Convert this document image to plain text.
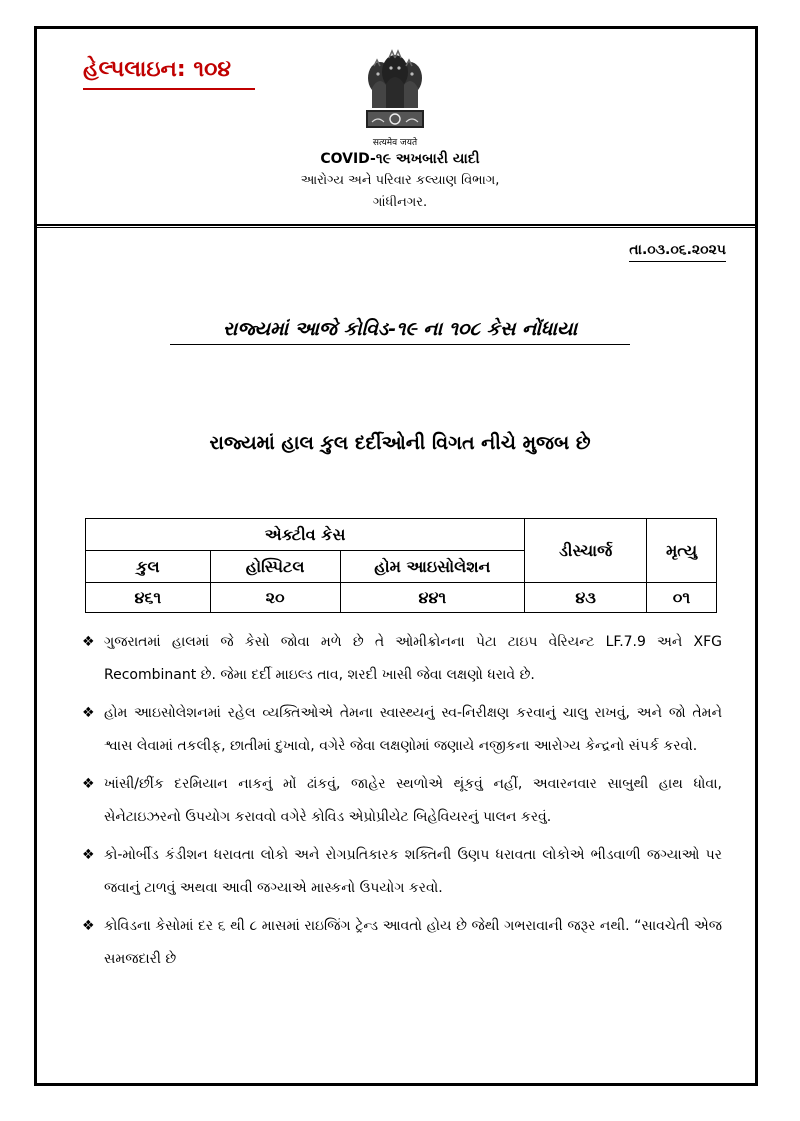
હેલ્પલાઇન: ૧૦૪
सत्यमेव जयते
COVID-૧૯ અખબારી યાદી
આરોગ્ય અને પરિવાર કલ્યાણ વિભાગ,
ગાંધીનગર.
તા.૦૩.૦૬.૨૦૨૫
રાજ્યમાં આજે કોવિડ-૧૯ ના ૧૦૮ કેસ નોંધાયા
રાજ્યમાં હાલ કુલ દર્દીઓની વિગત નીચે મુજબ છે
એક્ટીવ કેસ			ડીસ્ચાર્જ	મૃત્યુ
કુલ	હોસ્પિટલ	હોમ આઇસોલેશન		
૪૬૧	૨૦	૪૪૧	૪૩	૦૧
❖ ગુજરાતમાં હાલમાં જે કેસો જોવા મળે છે તે ઓમીક્રોનના પેટા ટાઇપ વેરિયન્ટ LF.7.9 અને XFG Recombinant છે. જેમા દર્દી માઇલ્ડ તાવ, શરદી ખાસી જેવા લક્ષણો ધરાવે છે.
❖ હોમ આઇસોલેશનમાં રહેલ વ્યક્તિઓએ તેમના સ્વાસ્થ્યનું સ્વ-નિરીક્ષણ કરવાનું ચાલુ રાખવું, અને જો તેમને શ્વાસ લેવામાં તકલીફ, છાતીમાં દુખાવો, વગેરે જેવા લક્ષણોમાં જણાયે નજીકના આરોગ્ય કેન્દ્રનો સંપર્ક કરવો.
❖ ખાંસી/છીંક દરમિયાન નાકનું મોં ઢાંકવું, જાહેર સ્થળોએ થૂંકવું નહીં, અવારનવાર સાબુથી હાથ ધોવા, સેનેટાઇઝરનો ઉપયોગ કરાવવો વગેરે કોવિડ એપ્રોપ્રીયેટ બિહેવિયરનું પાલન કરવું.
❖ કો-મોર્બીડ કંડીશન ધરાવતા લોકો અને રોગપ્રતિકારક શક્તિની ઉણપ ધરાવતા લોકોએ ભીડવાળી જગ્યાઓ પર જવાનું ટાળવું અથવા આવી જગ્યાએ માસ્કનો ઉપયોગ કરવો.
❖ કોવિડના કેસોમાં દર ૬ થી ૮ માસમાં રાઇજિંગ ટ્રેન્ડ આવતો હોય છે જેથી ગભરાવાની જરૂર નથી. “સાવચેતી એજ સમજદારી છે
